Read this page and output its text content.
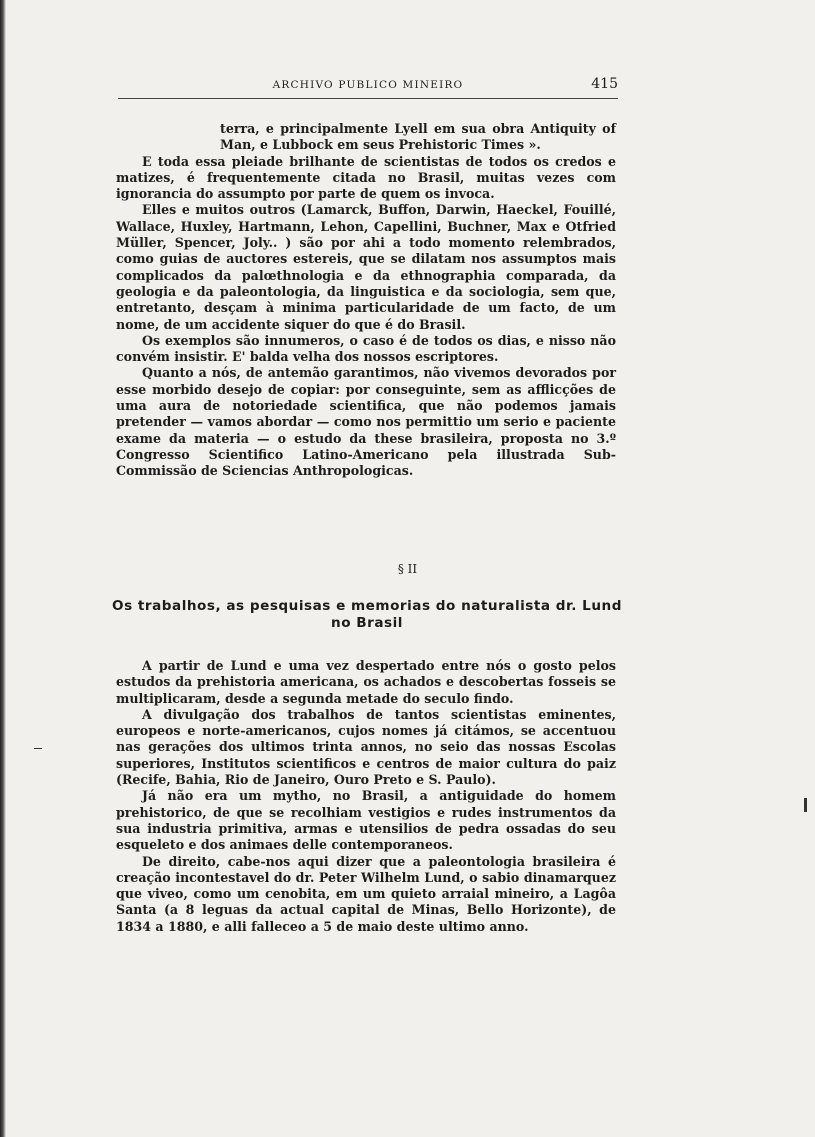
ARCHIVO PUBLICO MINEIRO	415

terra, e principalmente Lyell em sua obra Antiquity of Man, e Lubbock em seus Prehistoric Times ».

E toda essa pleiade brilhante de scientistas de todos os credos e matizes, é frequentemente citada no Brasil, muitas vezes com ignorancia do assumpto por parte de quem os invoca.

Elles e muitos outros (Lamarck, Buffon, Darwin, Haeckel, Fouillé, Wallace, Huxley, Hartmann, Lehon, Capellini, Buchner, Max e Otfried Müller, Spencer, Joly.. ) são por ahi a todo momento relembrados, como guias de auctores estereis, que se dilatam nos assumptos mais complicados da palœthnologia e da ethnographia comparada, da geologia e da paleontologia, da linguistica e da sociologia, sem que, entretanto, desçam à minima particularidade de um facto, de um nome, de um accidente siquer do que é do Brasil.

Os exemplos são innumeros, o caso é de todos os dias, e nisso não convém insistir. E' balda velha dos nossos escriptores.

Quanto a nós, de antemão garantimos, não vivemos devorados por esse morbido desejo de copiar: por conseguinte, sem as afflicções de uma aura de notoriedade scientifica, que não podemos jamais pretender — vamos abordar — como nos permittio um serio e paciente exame da materia — o estudo da these brasileira, proposta no 3.º Congresso Scientifico Latino-Americano pela illustrada Sub-Commissão de Sciencias Anthropologicas.

§ II
Os trabalhos, as pesquisas e memorias do naturalista dr. Lund no Brasil

A partir de Lund e uma vez despertado entre nós o gosto pelos estudos da prehistoria americana, os achados e descobertas fosseis se multiplicaram, desde a segunda metade do seculo findo.

A divulgação dos trabalhos de tantos scientistas eminentes, europeos e norte-americanos, cujos nomes já citámos, se accentuou nas gerações dos ultimos trinta annos, no seio das nossas Escolas superiores, Institutos scientificos e centros de maior cultura do paiz (Recife, Bahia, Rio de Janeiro, Ouro Preto e S. Paulo).

Já não era um mytho, no Brasil, a antiguidade do homem prehistorico, de que se recolhiam vestigios e rudes instrumentos da sua industria primitiva, armas e utensilios de pedra ossadas do seu esqueleto e dos animaes delle contemporaneos.

De direito, cabe-nos aqui dizer que a paleontologia brasileira é creação incontestavel do dr. Peter Wilhelm Lund, o sabio dinamarquez que viveo, como um cenobita, em um quieto arraial mineiro, a Lagôa Santa (a 8 leguas da actual capital de Minas, Bello Horizonte), de 1834 a 1880, e alli falleceo a 5 de maio deste ultimo anno.
